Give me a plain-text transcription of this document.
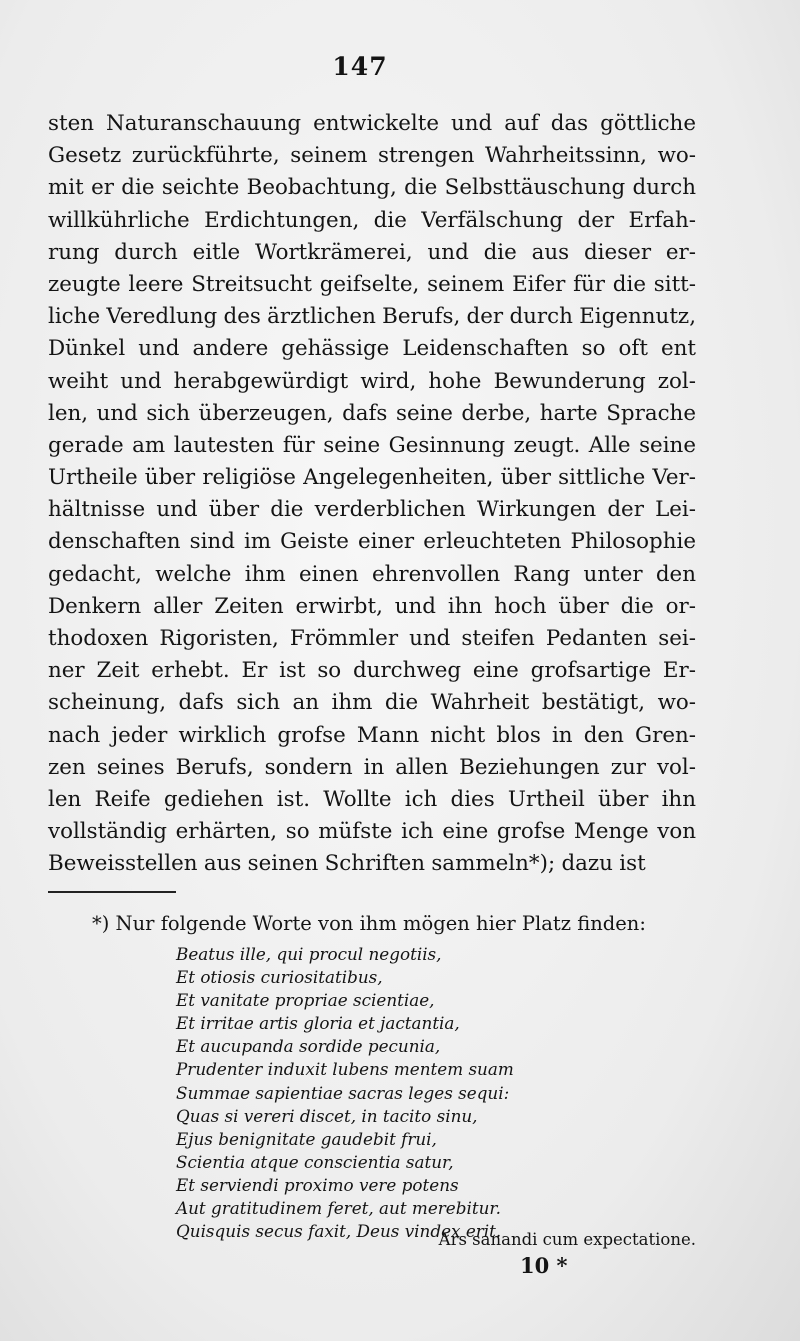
147
sten Naturanschauung entwickelte und auf das göttliche
Gesetz zurückführte, seinem strengen Wahrheitssinn, wo-
mit er die seichte Beobachtung, die Selbsttäuschung durch
willkührliche Erdichtungen, die Verfälschung der Erfah-
rung durch eitle Wortkrämerei, und die aus dieser er-
zeugte leere Streitsucht geifselte, seinem Eifer für die sitt-
liche Veredlung des ärztlichen Berufs, der durch Eigennutz,
Dünkel und andere gehässige Leidenschaften so oft ent
weiht und herabgewürdigt wird, hohe Bewunderung zol-
len, und sich überzeugen, dafs seine derbe, harte Sprache
gerade am lautesten für seine Gesinnung zeugt. Alle seine
Urtheile über religiöse Angelegenheiten, über sittliche Ver-
hältnisse und über die verderblichen Wirkungen der Lei-
denschaften sind im Geiste einer erleuchteten Philosophie
gedacht, welche ihm einen ehrenvollen Rang unter den
Denkern aller Zeiten erwirbt, und ihn hoch über die or-
thodoxen Rigoristen, Frömmler und steifen Pedanten sei-
ner Zeit erhebt. Er ist so durchweg eine grofsartige Er-
scheinung, dafs sich an ihm die Wahrheit bestätigt, wo-
nach jeder wirklich grofse Mann nicht blos in den Gren-
zen seines Berufs, sondern in allen Beziehungen zur vol-
len Reife gediehen ist. Wollte ich dies Urtheil über ihn
vollständig erhärten, so müfste ich eine grofse Menge von
Beweisstellen aus seinen Schriften sammeln*); dazu ist
*) Nur folgende Worte von ihm mögen hier Platz finden:
Beatus ille, qui procul negotiis,
Et otiosis curiositatibus,
Et vanitate propriae scientiae,
Et irritae artis gloria et jactantia,
Et aucupanda sordide pecunia,
Prudenter induxit lubens mentem suam
Summae sapientiae sacras leges sequi:
Quas si vereri discet, in tacito sinu,
Ejus benignitate gaudebit frui,
Scientia atque conscientia satur,
Et serviendi proximo vere potens
Aut gratitudinem feret, aut merebitur.
Quisquis secus faxit, Deus vindex erit.
Ars sanandi cum expectatione.
10 *
